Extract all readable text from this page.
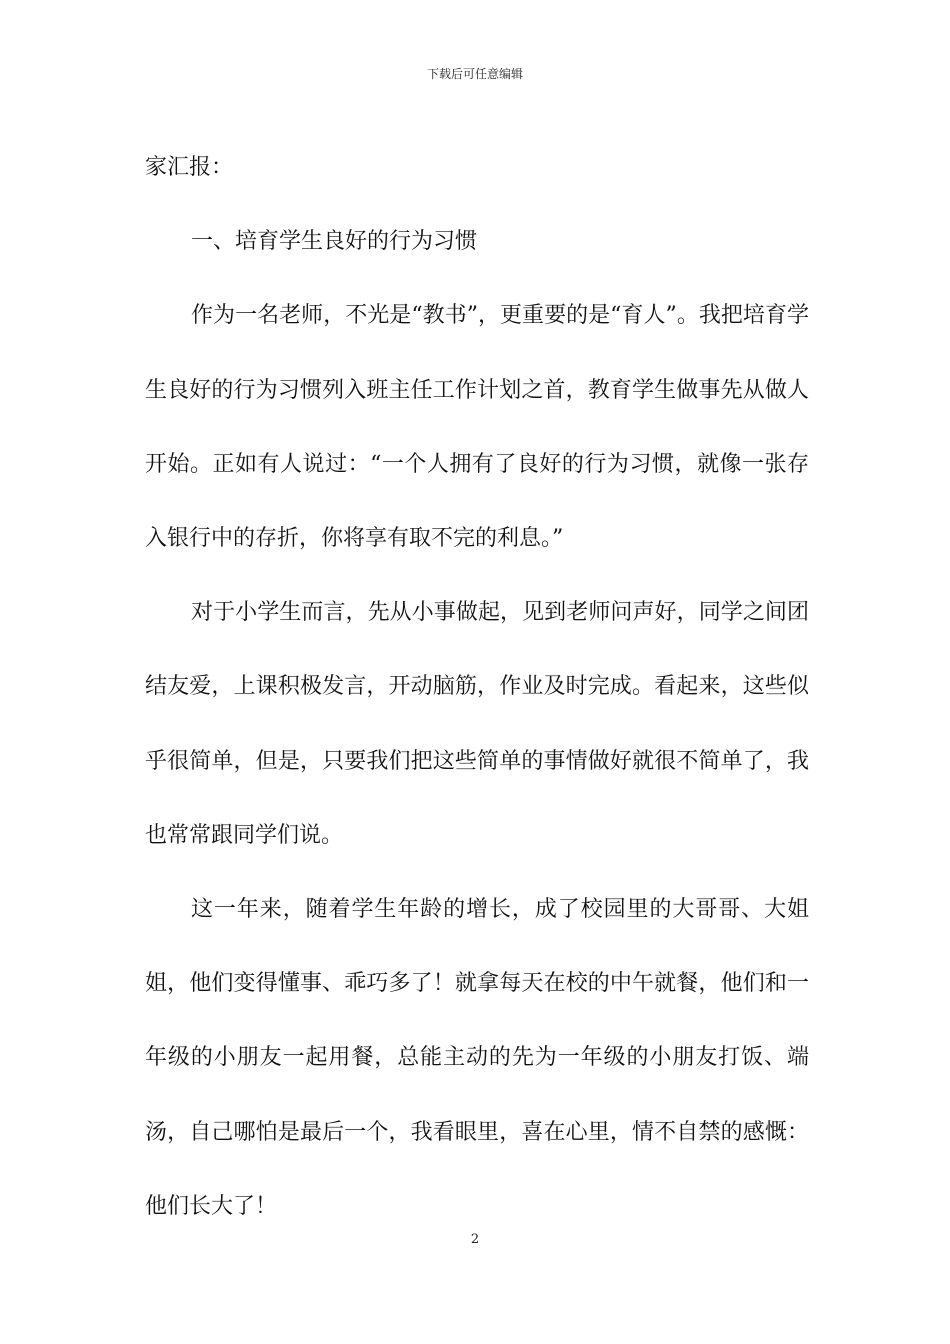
下载后可任意编辑

家汇报：

一、培育学生良好的行为习惯

作为一名老师，不光是“教书”，更重要的是“育人”。我把培育学生良好的行为习惯列入班主任工作计划之首，教育学生做事先从做人开始。正如有人说过：“一个人拥有了良好的行为习惯，就像一张存入银行中的存折，你将享有取不完的利息。”

对于小学生而言，先从小事做起，见到老师问声好，同学之间团结友爱，上课积极发言，开动脑筋，作业及时完成。看起来，这些似乎很简单，但是，只要我们把这些简单的事情做好就很不简单了，我也常常跟同学们说。

这一年来，随着学生年龄的增长，成了校园里的大哥哥、大姐姐，他们变得懂事、乖巧多了！就拿每天在校的中午就餐，他们和一年级的小朋友一起用餐，总能主动的先为一年级的小朋友打饭、端汤，自己哪怕是最后一个，我看眼里，喜在心里，情不自禁的感慨：他们长大了！

2
